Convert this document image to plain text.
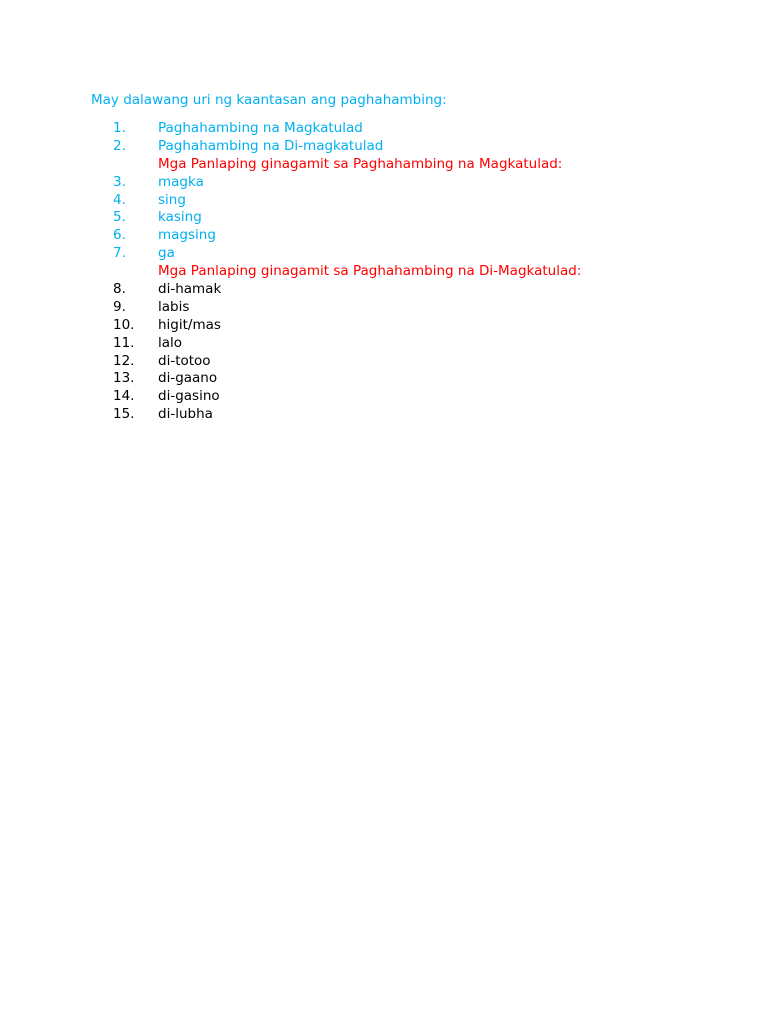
May dalawang uri ng kaantasan ang paghahambing:
1. Paghahambing na Magkatulad
2. Paghahambing na Di-magkatulad
Mga Panlaping ginagamit sa Paghahambing na Magkatulad:
3. magka
4. sing
5. kasing
6. magsing
7. ga
Mga Panlaping ginagamit sa Paghahambing na Di-Magkatulad:
8. di-hamak
9. labis
10. higit/mas
11. lalo
12. di-totoo
13. di-gaano
14. di-gasino
15. di-lubha
